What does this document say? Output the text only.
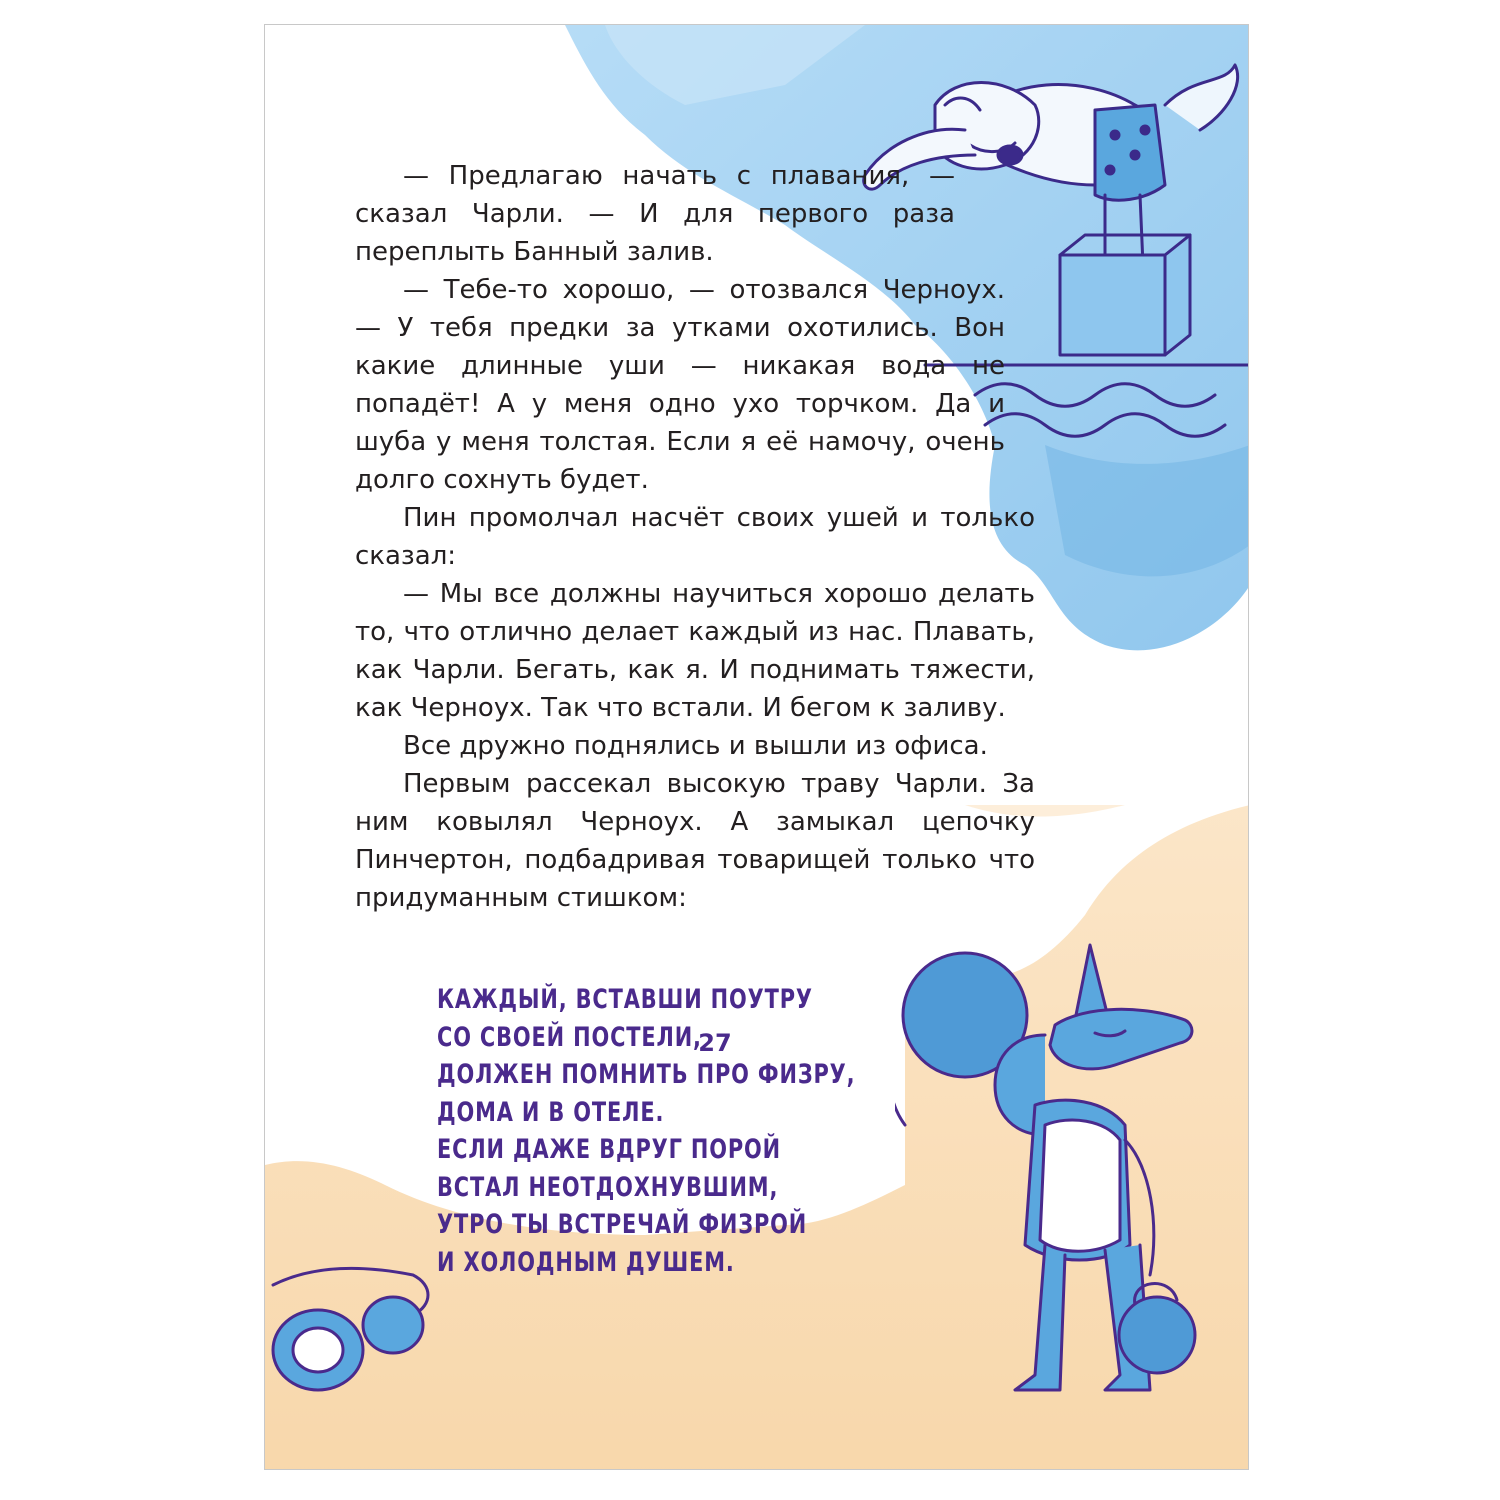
— Предлагаю начать с плавания, — сказал Чарли. — И для первого раза переплыть Банный залив.

— Тебе-то хорошо, — отозвался Черноух. — У тебя предки за утками охотились. Вон какие длинные уши — никакая вода не попадёт! А у меня одно ухо торчком. Да и шуба у меня толстая. Если я её намочу, очень долго сохнуть будет.

Пин промолчал насчёт своих ушей и только сказал:

— Мы все должны научиться хорошо делать то, что отлично делает каждый из нас. Плавать, как Чарли. Бегать, как я. И поднимать тяжести, как Черноух. Так что встали. И бегом к заливу.

Все дружно поднялись и вышли из офиса.

Первым рассекал высокую траву Чарли. За ним ковылял Черноух. А замыкал цепочку Пинчертон, подбадривая товарищей только что придуманным стишком:

КАЖДЫЙ, ВСТАВШИ ПОУТРУ
СО СВОЕЙ ПОСТЕЛИ,
ДОЛЖЕН ПОМНИТЬ ПРО ФИЗРУ,
ДОМА И В ОТЕЛЕ.
ЕСЛИ ДАЖЕ ВДРУГ ПОРОЙ
ВСТАЛ НЕОТДОХНУВШИМ,
УТРО ТЫ ВСТРЕЧАЙ ФИЗРОЙ
И ХОЛОДНЫМ ДУШЕМ.
27
